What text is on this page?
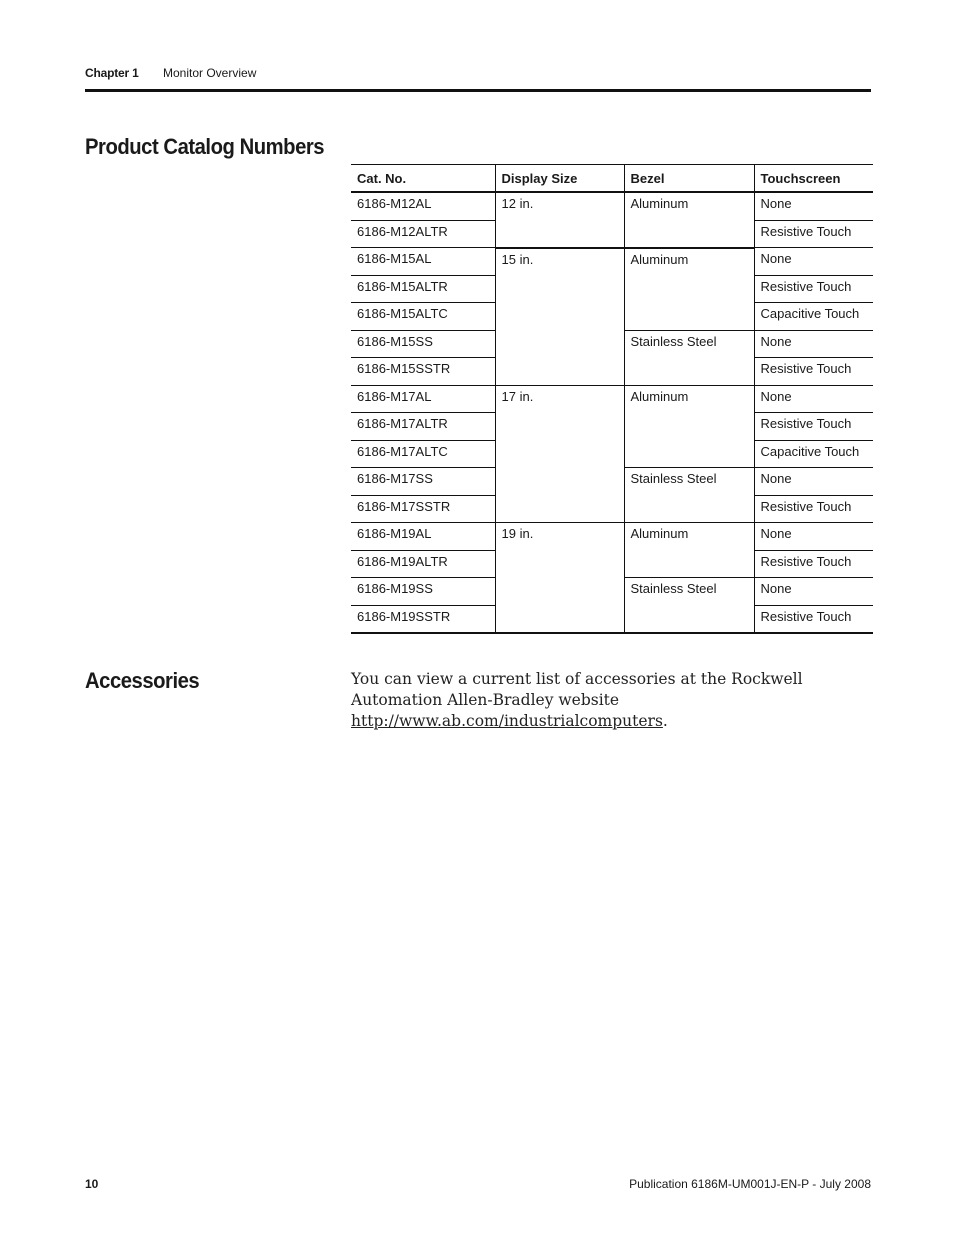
Chapter 1 Monitor Overview
Product Catalog Numbers
Cat. No.	Display Size	Bezel	Touchscreen
6186-M12AL	12 in.	Aluminum	None
6186-M12ALTR			Resistive Touch
6186-M15AL	15 in.	Aluminum	None
6186-M15ALTR			Resistive Touch
6186-M15ALTC			Capacitive Touch
6186-M15SS		Stainless Steel	None
6186-M15SSTR			Resistive Touch
6186-M17AL	17 in.	Aluminum	None
6186-M17ALTR			Resistive Touch
6186-M17ALTC			Capacitive Touch
6186-M17SS		Stainless Steel	None
6186-M17SSTR			Resistive Touch
6186-M19AL	19 in.	Aluminum	None
6186-M19ALTR			Resistive Touch
6186-M19SS		Stainless Steel	None
6186-M19SSTR			Resistive Touch
Accessories	You can view a current list of accessories at the Rockwell Automation Allen-Bradley website http://www.ab.com/industrialcomputers.
10	Publication 6186M-UM001J-EN-P - July 2008
